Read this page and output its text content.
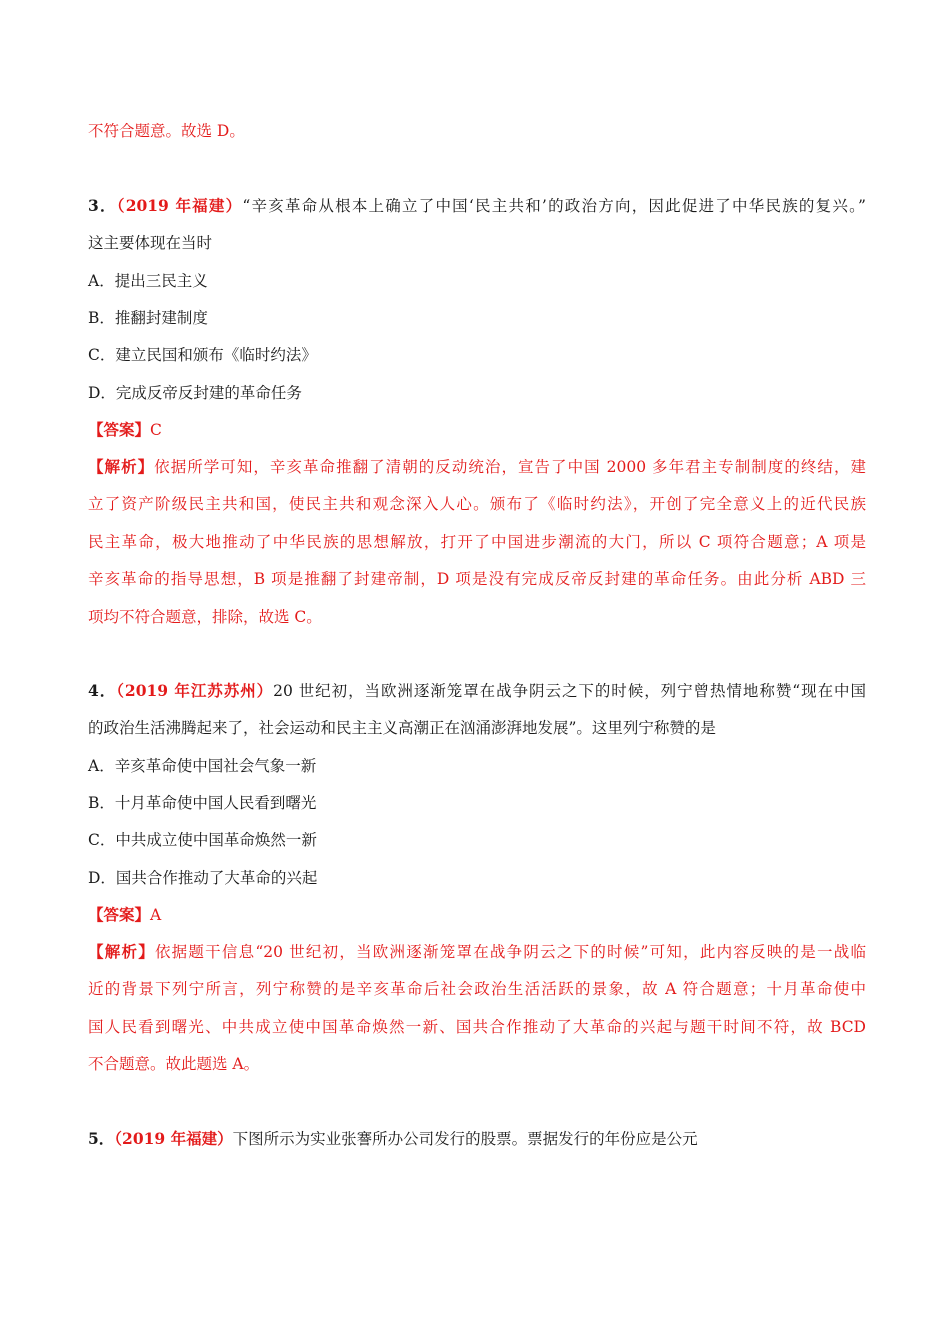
不符合题意。故选 D。
3．（2019 年福建）“辛亥革命从根本上确立了中国‘民主共和’的政治方向，因此促进了中华民族的复兴。”
这主要体现在当时
A．提出三民主义
B．推翻封建制度
C．建立民国和颁布《临时约法》
D．完成反帝反封建的革命任务
【答案】C
【解析】依据所学可知，辛亥革命推翻了清朝的反动统治，宣告了中国 2000 多年君主专制制度的终结，建
立了资产阶级民主共和国，使民主共和观念深入人心。颁布了《临时约法》，开创了完全意义上的近代民族
民主革命，极大地推动了中华民族的思想解放，打开了中国进步潮流的大门，所以 C 项符合题意；A 项是
辛亥革命的指导思想，B 项是推翻了封建帝制，D 项是没有完成反帝反封建的革命任务。由此分析 ABD 三
项均不符合题意，排除，故选 C。
4．（2019 年江苏苏州）20 世纪初，当欧洲逐渐笼罩在战争阴云之下的时候，列宁曾热情地称赞“现在中国
的政治生活沸腾起来了，社会运动和民主主义高潮正在汹涌澎湃地发展”。这里列宁称赞的是
A．辛亥革命使中国社会气象一新
B．十月革命使中国人民看到曙光
C．中共成立使中国革命焕然一新
D．国共合作推动了大革命的兴起
【答案】A
【解析】依据题干信息“20 世纪初，当欧洲逐渐笼罩在战争阴云之下的时候”可知，此内容反映的是一战临
近的背景下列宁所言，列宁称赞的是辛亥革命后社会政治生活活跃的景象，故 A 符合题意；十月革命使中
国人民看到曙光、中共成立使中国革命焕然一新、国共合作推动了大革命的兴起与题干时间不符，故 BCD
不合题意。故此题选 A。
5．（2019 年福建）下图所示为实业张謇所办公司发行的股票。票据发行的年份应是公元
